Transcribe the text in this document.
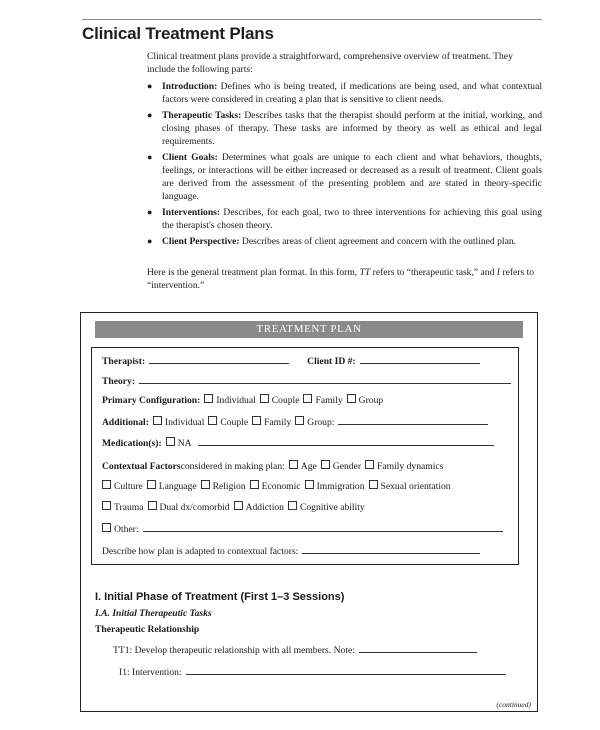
Clinical Treatment Plans

Clinical treatment plans provide a straightforward, comprehensive overview of treatment. They include the following parts:

● Introduction: Defines who is being treated, if medications are being used, and what contextual factors were considered in creating a plan that is sensitive to client needs.
● Therapeutic Tasks: Describes tasks that the therapist should perform at the initial, working, and closing phases of therapy. These tasks are informed by theory as well as ethical and legal requirements.
● Client Goals: Determines what goals are unique to each client and what behaviors, thoughts, feelings, or interactions will be either increased or decreased as a result of treatment. Client goals are derived from the assessment of the presenting problem and are stated in theory-specific language.
● Interventions: Describes, for each goal, two to three interventions for achieving this goal using the therapist's chosen theory.
● Client Perspective: Describes areas of client agreement and concern with the outlined plan.

Here is the general treatment plan format. In this form, TT refers to “therapeutic task,” and I refers to “intervention.”

TREATMENT PLAN
Therapist:	Client ID #:
Theory:
Primary Configuration: Individual Couple Family Group
Additional: Individual Couple Family Group:
Medication(s): NA
Contextual Factors considered in making plan: Age Gender Family dynamics
Culture Language Religion Economic Immigration Sexual orientation
Trauma Dual dx/comorbid Addiction Cognitive ability
Other:
Describe how plan is adapted to contextual factors:
I. Initial Phase of Treatment (First 1–3 Sessions)
I.A. Initial Therapeutic Tasks
Therapeutic Relationship
TT1: Develop therapeutic relationship with all members. Note:
I1: Intervention:
(continued)
